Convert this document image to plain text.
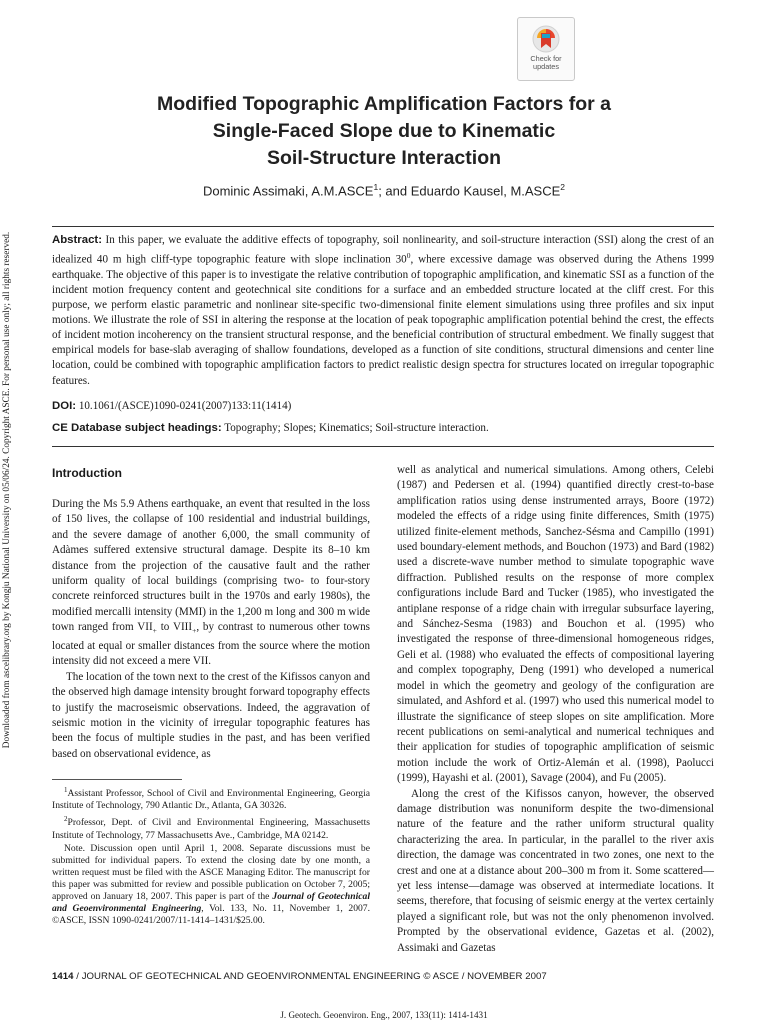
Downloaded from ascelibrary.org by Kongju National University on 05/06/24. Copyright ASCE. For personal use only; all rights reserved.
Check for
updates
Modified Topographic Amplification Factors for a
Single-Faced Slope due to Kinematic
Soil-Structure Interaction
Dominic Assimaki, A.M.ASCE$^1$; and Eduardo Kausel, M.ASCE$^2$
Abstract: In this paper, we evaluate the additive effects of topography, soil nonlinearity, and soil-structure interaction (SSI) along the crest of an idealized 40 m high cliff-type topographic feature with slope inclination $30^0$, where excessive damage was observed during the Athens 1999 earthquake. The objective of this paper is to investigate the relative contribution of topographic amplification, and kinematic SSI as a function of the incident motion frequency content and geotechnical site conditions for a surface and an embedded structure located at the cliff crest. For this purpose, we perform elastic parametric and nonlinear site-specific two-dimensional finite element simulations using three profiles and six input motions. We illustrate the role of SSI in altering the response at the location of peak topographic amplification potential behind the crest, the effects of incident motion incoherency on the transient structural response, and the beneficial contribution of structural embedment. We finally suggest that empirical models for base-slab averaging of shallow foundations, developed as a function of site conditions, structural dimensions and center line location, could be combined with topographic amplification factors to predict realistic design spectra for structures located on irregular topographic features.
DOI: 10.1061/(ASCE)1090-0241(2007)133:11(1414)
CE Database subject headings: Topography; Slopes; Kinematics; Soil-structure interaction.
Introduction

During the Ms 5.9 Athens earthquake, an event that resulted in the loss of 150 lives, the collapse of 100 residential and industrial buildings, and the severe damage of another 6,000, the small community of Adàmes suffered extensive structural damage. Despite its 8–10 km distance from the projection of the causative fault and the rather uniform quality of local buildings (comprising two- to four-story concrete reinforced structures built in the 1970s and early 1980s), the modified mercalli intensity (MMI) in the 1,200 m long and 300 m wide town ranged from $VII_+$ to $VIII_+$, by contrast to numerous other towns located at equal or smaller distances from the source where the motion intensity did not exceed a mere VII.

The location of the town next to the crest of the Kifissos canyon and the observed high damage intensity brought forward topography effects to justify the macroseismic observations. Indeed, the aggravation of seismic motion in the vicinity of irregular topographic features has been the focus of multiple studies in the past, and has been verified based on observational evidence, as

$^1$Assistant Professor, School of Civil and Environmental Engineering, Georgia Institute of Technology, 790 Atlantic Dr., Atlanta, GA 30326.

$^2$Professor, Dept. of Civil and Environmental Engineering, Massachusetts Institute of Technology, 77 Massachusetts Ave., Cambridge, MA 02142.

Note. Discussion open until April 1, 2008. Separate discussions must be submitted for individual papers. To extend the closing date by one month, a written request must be filed with the ASCE Managing Editor. The manuscript for this paper was submitted for review and possible publication on October 7, 2005; approved on January 18, 2007. This paper is part of the Journal of Geotechnical and Geoenvironmental Engineering, Vol. 133, No. 11, November 1, 2007. ©ASCE, ISSN 1090-0241/2007/11-1414–1431/$25.00.

well as analytical and numerical simulations. Among others, Celebi (1987) and Pedersen et al. (1994) quantified directly crest-to-base amplification ratios using dense instrumented arrays, Boore (1972) modeled the effects of a ridge using finite differences, Smith (1975) utilized finite-element methods, Sanchez-Sésma and Campillo (1991) used boundary-element methods, and Bouchon (1973) and Bard (1982) used a discrete-wave number method to simulate topographic wave diffraction. Published results on the response of more complex configurations include Bard and Tucker (1985), who investigated the antiplane response of a ridge chain with irregular subsurface layering, and Sánchez-Sesma (1983) and Bouchon et al. (1995) who investigated the response of three-dimensional homogeneous ridges, Geli et al. (1988) who evaluated the effects of compositional layering and complex topography, Deng (1991) who developed a numerical model in which the geometry and geology of the configuration are simulated, and Ashford et al. (1997) who used this numerical model to illustrate the significance of steep slopes on site amplification. More recent publications on semi-analytical and numerical techniques and their application for studies of topographic amplification of seismic motion include the work of Ortiz-Alemán et al. (1998), Paolucci (1999), Hayashi et al. (2001), Savage (2004), and Fu (2005).

Along the crest of the Kifissos canyon, however, the observed damage distribution was nonuniform despite the two-dimensional nature of the feature and the rather uniform structural quality characterizing the area. In particular, in the parallel to the river axis direction, the damage was concentrated in two zones, one next to the crest and one at a distance about 200–300 m from it. Some scattered—yet less intense—damage was observed at intermediate locations. It seems, therefore, that focusing of seismic energy at the vertex certainly played a significant role, but was not the only phenomenon involved. Prompted by the observational evidence, Gazetas et al. (2002), Assimaki and Gazetas

1414 / JOURNAL OF GEOTECHNICAL AND GEOENVIRONMENTAL ENGINEERING © ASCE / NOVEMBER 2007
J. Geotech. Geoenviron. Eng., 2007, 133(11): 1414-1431
